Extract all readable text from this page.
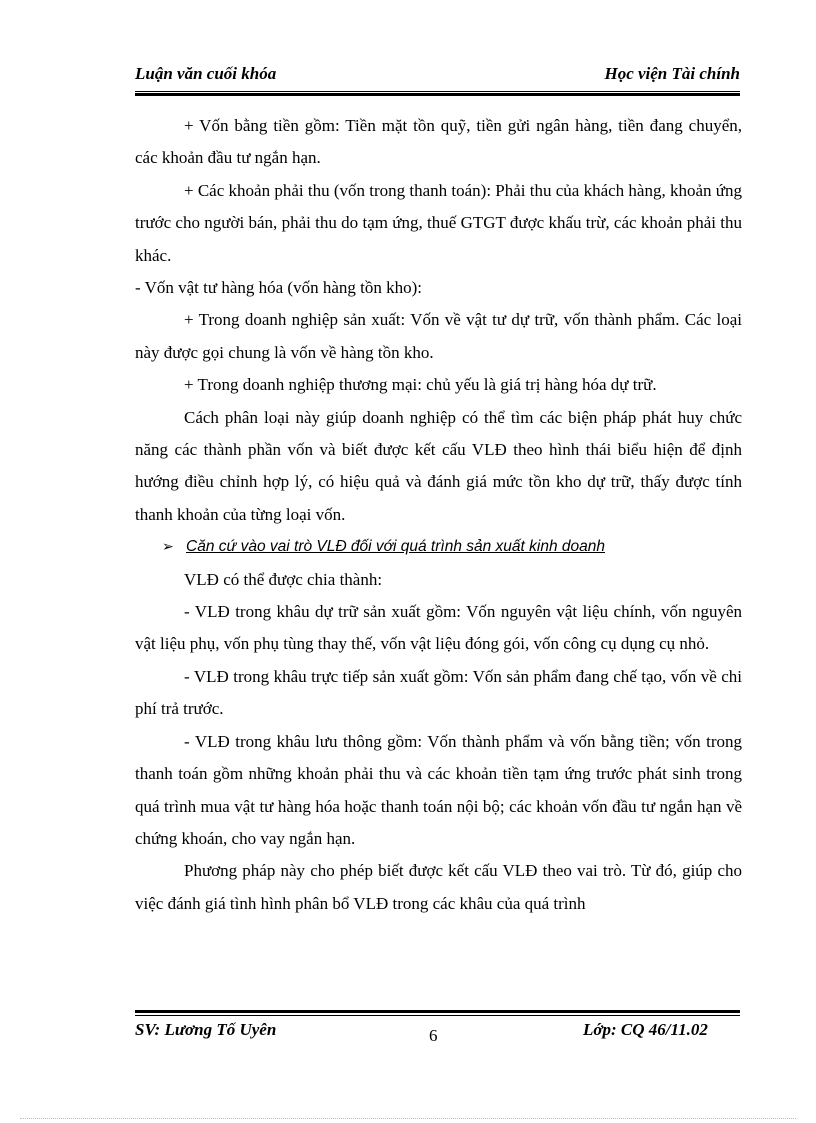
Luận văn cuối khóa	Học viện Tài chính

+ Vốn bằng tiền gồm: Tiền mặt tồn quỹ, tiền gửi ngân hàng, tiền đang chuyển, các khoản đầu tư ngắn hạn.

+ Các khoản phải thu (vốn trong thanh toán): Phải thu của khách hàng, khoản ứng trước cho người bán, phải thu do tạm ứng, thuế GTGT được khấu trừ, các khoản phải thu khác.

- Vốn vật tư hàng hóa (vốn hàng tồn kho):

+ Trong doanh nghiệp sản xuất: Vốn về vật tư dự trữ, vốn thành phẩm. Các loại này được gọi chung là vốn về hàng tồn kho.

+ Trong doanh nghiệp thương mại: chủ yếu là giá trị hàng hóa dự trữ.

Cách phân loại này giúp doanh nghiệp có thể tìm các biện pháp phát huy chức năng các thành phần vốn và biết được kết cấu VLĐ theo hình thái biểu hiện để định hướng điều chỉnh hợp lý, có hiệu quả và đánh giá mức tồn kho dự trữ, thấy được tính thanh khoản của từng loại vốn.

➢ Căn cứ vào vai trò VLĐ đối với quá trình sản xuất kinh doanh

VLĐ có thể được chia thành:

- VLĐ trong khâu dự trữ sản xuất gồm: Vốn nguyên vật liệu chính, vốn nguyên vật liệu phụ, vốn phụ tùng thay thế, vốn vật liệu đóng gói, vốn công cụ dụng cụ nhỏ.

- VLĐ trong khâu trực tiếp sản xuất gồm: Vốn sản phẩm đang chế tạo, vốn về chi phí trả trước.

- VLĐ trong khâu lưu thông gồm: Vốn thành phẩm và vốn bằng tiền; vốn trong thanh toán gồm những khoản phải thu và các khoản tiền tạm ứng trước phát sinh trong quá trình mua vật tư hàng hóa hoặc thanh toán nội bộ; các khoản vốn đầu tư ngắn hạn về chứng khoán, cho vay ngắn hạn.

Phương pháp này cho phép biết được kết cấu VLĐ theo vai trò. Từ đó, giúp cho việc đánh giá tình hình phân bổ VLĐ trong các khâu của quá trình

SV: Lương Tố Uyên	6	Lớp: CQ 46/11.02
